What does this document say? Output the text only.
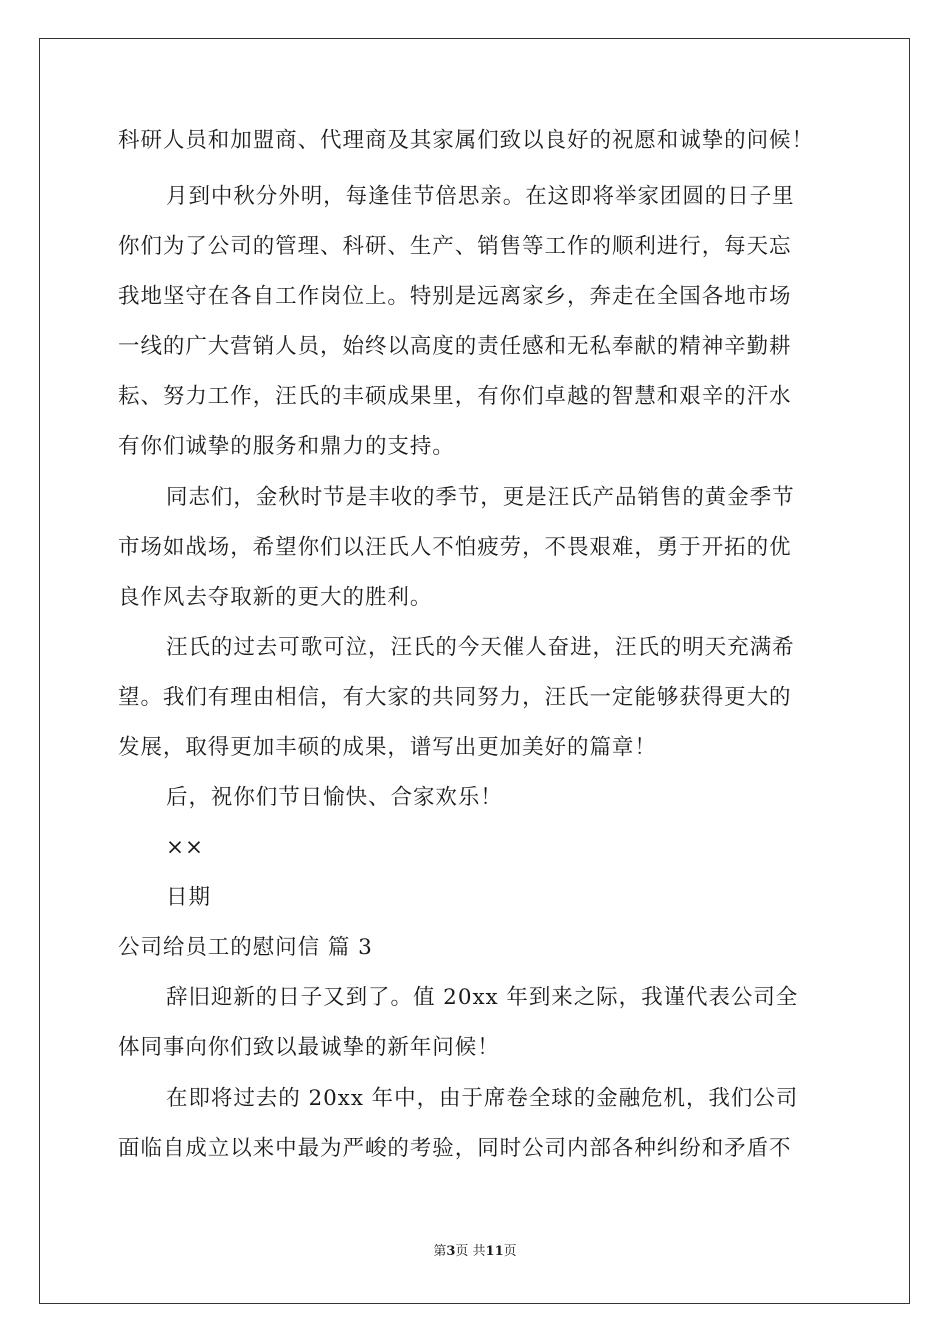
科研人员和加盟商、代理商及其家属们致以良好的祝愿和诚挚的问候！
月到中秋分外明，每逢佳节倍思亲。在这即将举家团圆的日子里
你们为了公司的管理、科研、生产、销售等工作的顺利进行，每天忘
我地坚守在各自工作岗位上。特别是远离家乡，奔走在全国各地市场
一线的广大营销人员，始终以高度的责任感和无私奉献的精神辛勤耕
耘、努力工作，汪氏的丰硕成果里，有你们卓越的智慧和艰辛的汗水
有你们诚挚的服务和鼎力的支持。
同志们，金秋时节是丰收的季节，更是汪氏产品销售的黄金季节
市场如战场，希望你们以汪氏人不怕疲劳，不畏艰难，勇于开拓的优
良作风去夺取新的更大的胜利。
汪氏的过去可歌可泣，汪氏的今天催人奋进，汪氏的明天充满希
望。我们有理由相信，有大家的共同努力，汪氏一定能够获得更大的
发展，取得更加丰硕的成果，谱写出更加美好的篇章！
后，祝你们节日愉快、合家欢乐！
××
日期
公司给员工的慰问信 篇 3
辞旧迎新的日子又到了。值 20xx 年到来之际，我谨代表公司全
体同事向你们致以最诚挚的新年问候！
在即将过去的 20xx 年中，由于席卷全球的金融危机，我们公司
面临自成立以来中最为严峻的考验，同时公司内部各种纠纷和矛盾不
第3页 共11页
